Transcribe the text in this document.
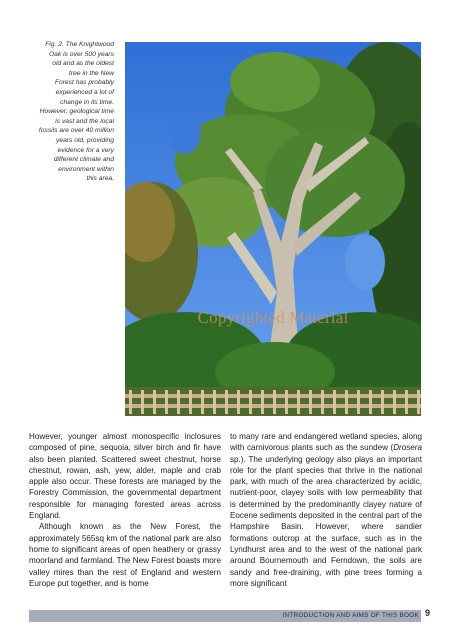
Fig. 2. The Knightwood
Oak is over 500 years
old and as the oldest
tree in the New
Forest has probably
experienced a lot of
change in its time.
However, geological time
is vast and the local
fossils are over 40 million
years old, providing
evidence for a very
different climate and
environment within
this area.
Copyrighted Material

However, younger almost monospecific inclosures composed of pine, sequoia, silver birch and fir have also been planted. Scattered sweet chestnut, horse chestnut, rowan, ash, yew, alder, maple and crab apple also occur. These forests are managed by the Forestry Commission, the governmental department responsible for managing forested areas across England.

Although known as the New Forest, the approximately 565sq km of the national park are also home to significant areas of open heathery or grassy moorland and farmland. The New Forest boasts more valley mires than the rest of England and western Europe put together, and is home

to many rare and endangered wetland species, along with carnivorous plants such as the sundew (Drosera sp.). The underlying geology also plays an important role for the plant species that thrive in the national park, with much of the area characterized by acidic, nutrient-poor, clayey soils with low permeability that is determined by the predominantly clayey nature of Eocene sediments deposited in the central part of the Hampshire Basin. However, where sandier formations outcrop at the surface, such as in the Lyndhurst area and to the west of the national park around Bournemouth and Ferndown, the soils are sandy and free-draining, with pine trees forming a more significant

INTRODUCTION AND AIMS OF THIS BOOK 9
